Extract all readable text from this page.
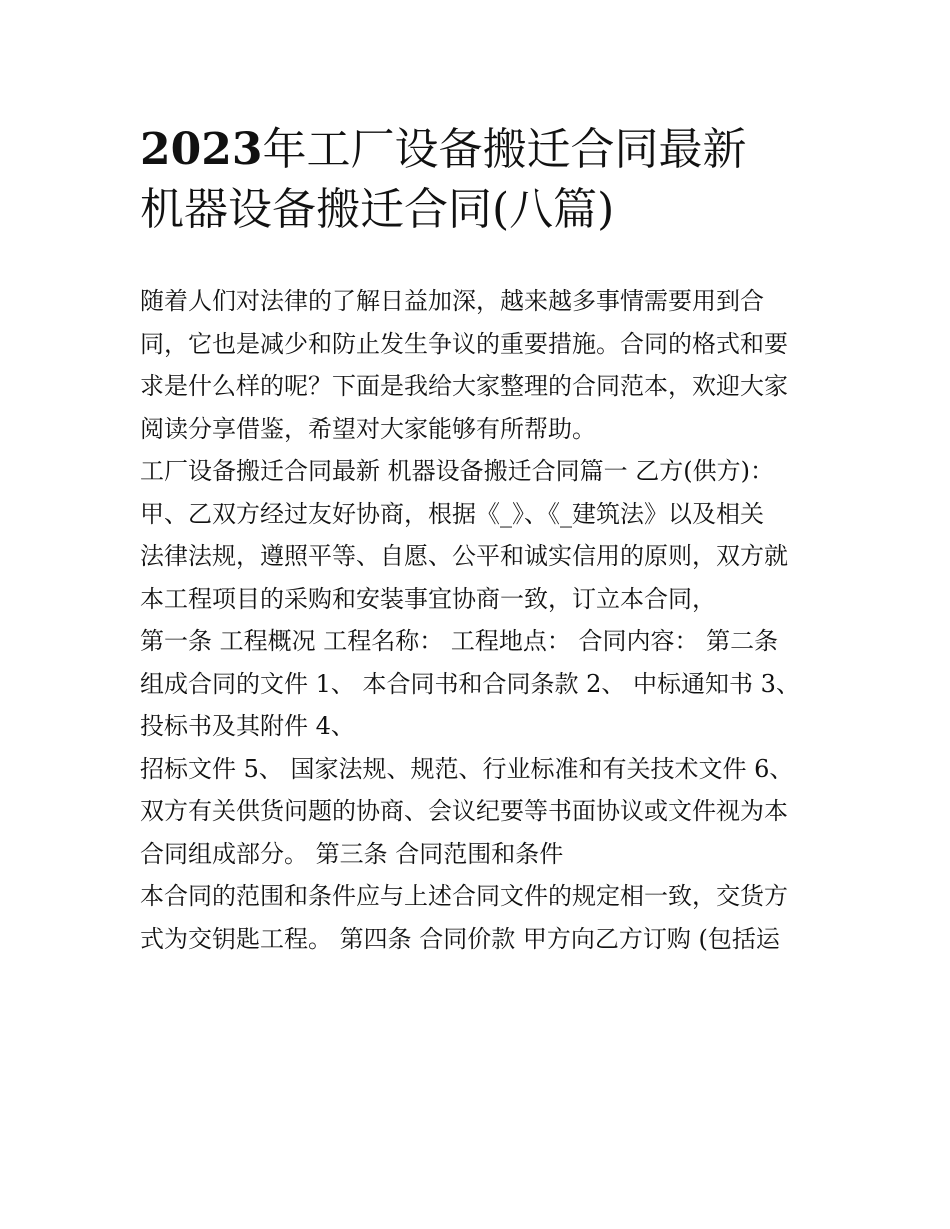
2023年工厂设备搬迁合同最新
机器设备搬迁合同(八篇)

随着人们对法律的了解日益加深，越来越多事情需要用到合
同，它也是减少和防止发生争议的重要措施。合同的格式和要
求是什么样的呢？下面是我给大家整理的合同范本，欢迎大家
阅读分享借鉴，希望对大家能够有所帮助。

工厂设备搬迁合同最新 机器设备搬迁合同篇一 乙方(供方)：
甲、乙双方经过友好协商，根据《_》、《_建筑法》以及相关
法律法规，遵照平等、自愿、公平和诚实信用的原则，双方就
本工程项目的采购和安装事宜协商一致，订立本合同，

第一条 工程概况 工程名称： 工程地点： 合同内容： 第二条
组成合同的文件 1、 本合同书和合同条款 2、 中标通知书 3、
投标书及其附件 4、

招标文件 5、 国家法规、规范、行业标准和有关技术文件 6、
双方有关供货问题的协商、会议纪要等书面协议或文件视为本
合同组成部分。 第三条 合同范围和条件

本合同的范围和条件应与上述合同文件的规定相一致，交货方
式为交钥匙工程。 第四条 合同价款 甲方向乙方订购 (包括运
